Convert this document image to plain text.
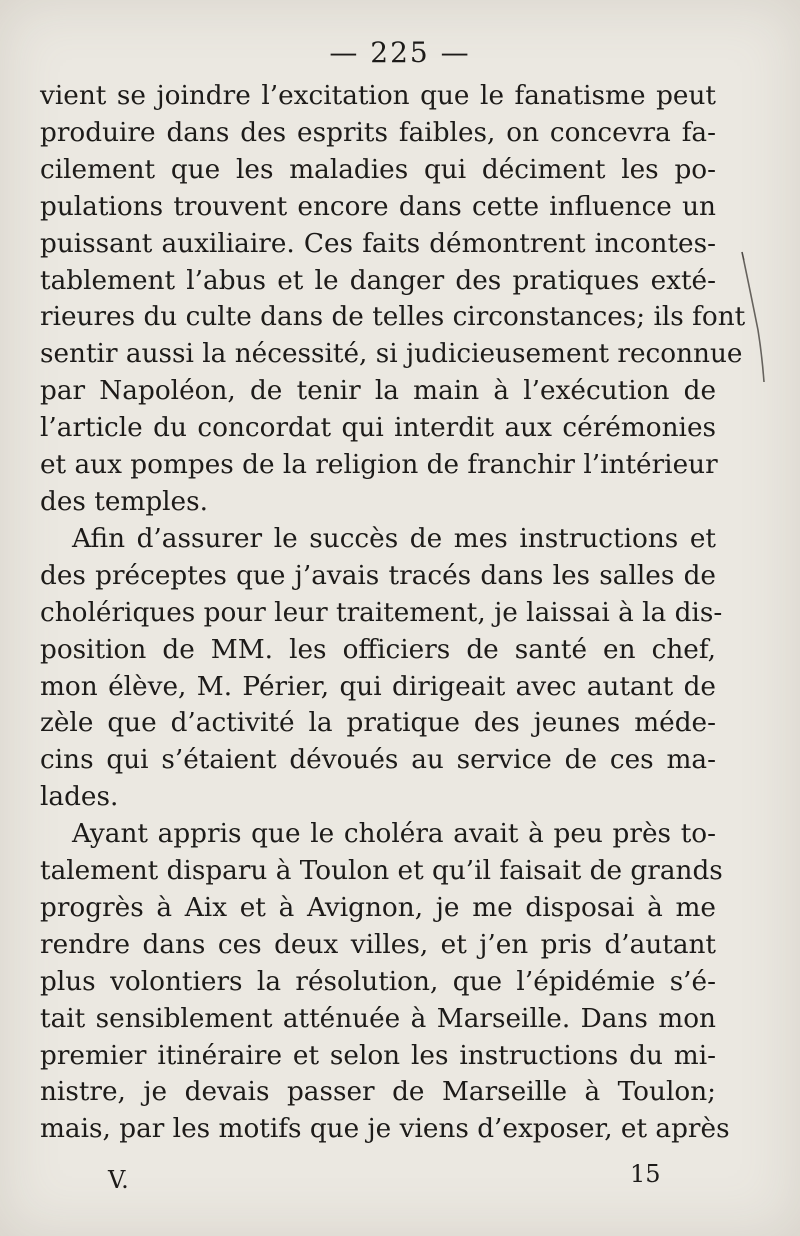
— 225 —

vient se joindre l’excitation que le fanatisme peut
produire dans des esprits faibles, on concevra fa-
cilement que les maladies qui déciment les po-
pulations trouvent encore dans cette influence un
puissant auxiliaire. Ces faits démontrent incontes-
tablement l’abus et le danger des pratiques exté-
rieures du culte dans de telles circonstances; ils font
sentir aussi la nécessité, si judicieusement reconnue
par Napoléon, de tenir la main à l’exécution de
l’article du concordat qui interdit aux cérémonies
et aux pompes de la religion de franchir l’intérieur
des temples.

Afin d’assurer le succès de mes instructions et
des préceptes que j’avais tracés dans les salles de
cholériques pour leur traitement, je laissai à la dis-
position de MM. les officiers de santé en chef,
mon élève, M. Périer, qui dirigeait avec autant de
zèle que d’activité la pratique des jeunes méde-
cins qui s’étaient dévoués au service de ces ma-
lades.

Ayant appris que le choléra avait à peu près to-
talement disparu à Toulon et qu’il faisait de grands
progrès à Aix et à Avignon, je me disposai à me
rendre dans ces deux villes, et j’en pris d’autant
plus volontiers la résolution, que l’épidémie s’é-
tait sensiblement atténuée à Marseille. Dans mon
premier itinéraire et selon les instructions du mi-
nistre, je devais passer de Marseille à Toulon;
mais, par les motifs que je viens d’exposer, et après

V.	15
